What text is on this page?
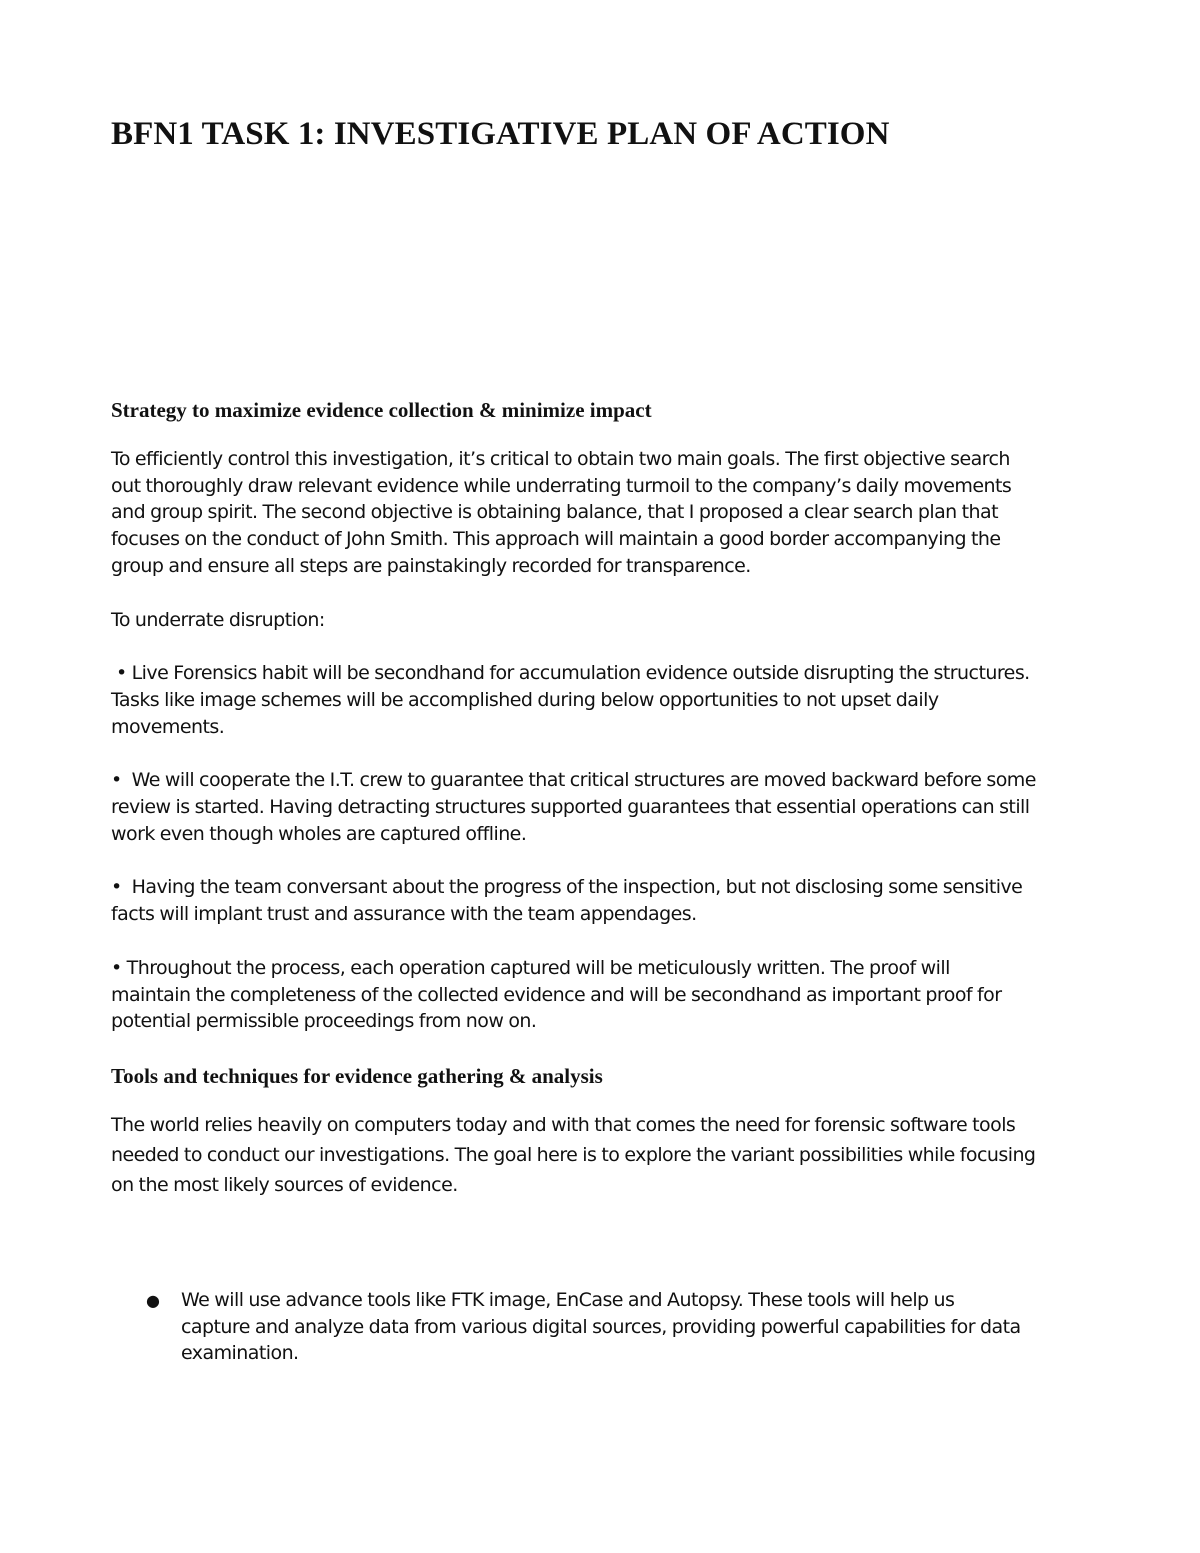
BFN1 TASK 1: INVESTIGATIVE PLAN OF ACTION
Strategy to maximize evidence collection & minimize impact
To efficiently control this investigation, it’s critical to obtain two main goals. The first objective search
out thoroughly draw relevant evidence while underrating turmoil to the company’s daily movements
and group spirit. The second objective is obtaining balance, that I proposed a clear search plan that
focuses on the conduct of John Smith. This approach will maintain a good border accompanying the
group and ensure all steps are painstakingly recorded for transparence.
To underrate disruption:
• Live Forensics habit will be secondhand for accumulation evidence outside disrupting the structures.
Tasks like image schemes will be accomplished during below opportunities to not upset daily
movements.
•  We will cooperate the I.T. crew to guarantee that critical structures are moved backward before some
review is started. Having detracting structures supported guarantees that essential operations can still
work even though wholes are captured offline.
•  Having the team conversant about the progress of the inspection, but not disclosing some sensitive
facts will implant trust and assurance with the team appendages.
• Throughout the process, each operation captured will be meticulously written. The proof will
maintain the completeness of the collected evidence and will be secondhand as important proof for
potential permissible proceedings from now on.
Tools and techniques for evidence gathering & analysis
The world relies heavily on computers today and with that comes the need for forensic software tools
needed to conduct our investigations. The goal here is to explore the variant possibilities while focusing
on the most likely sources of evidence.
● We will use advance tools like FTK image, EnCase and Autopsy. These tools will help us
capture and analyze data from various digital sources, providing powerful capabilities for data
examination.
